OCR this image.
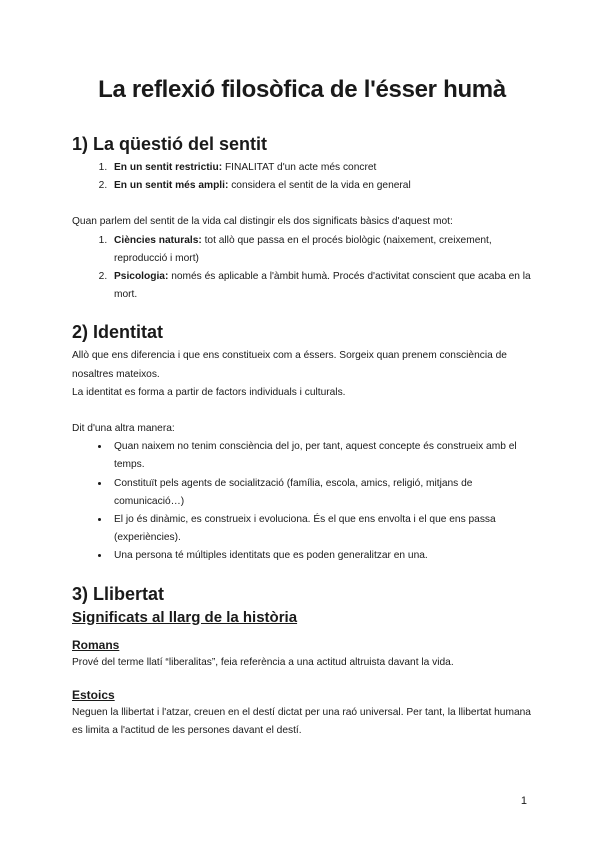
La reflexió filosòfica de l'ésser humà
1) La qüestió del sentit
1. En un sentit restrictiu: FINALITAT d'un acte més concret
2. En un sentit més ampli: considera el sentit de la vida en general

Quan parlem del sentit de la vida cal distingir els dos significats bàsics d'aquest mot:

1. Ciències naturals: tot allò que passa en el procés biològic (naixement, creixement, reproducció i mort)
2. Psicologia: només és aplicable a l'àmbit humà. Procés d'activitat conscient que acaba en la mort.
2) Identitat

Allò que ens diferencia i que ens constitueix com a éssers. Sorgeix quan prenem consciència de nosaltres mateixos.

La identitat es forma a partir de factors individuals i culturals.

Dit d'una altra manera:

• Quan naixem no tenim consciència del jo, per tant, aquest concepte és construeix amb el temps.
• Constituït pels agents de socialització (família, escola, amics, religió, mitjans de comunicació…)
• El jo és dinàmic, es construeix i evoluciona. És el que ens envolta i el que ens passa (experiències).
• Una persona té múltiples identitats que es poden generalitzar en una.
3) Llibertat
Significats al llarg de la història
Romans

Prové del terme llatí “liberalitas”, feia referència a una actitud altruista davant la vida.

Estoics

Neguen la llibertat i l'atzar, creuen en el destí dictat per una raó universal. Per tant, la llibertat humana es limita a l'actitud de les persones davant el destí.

1
